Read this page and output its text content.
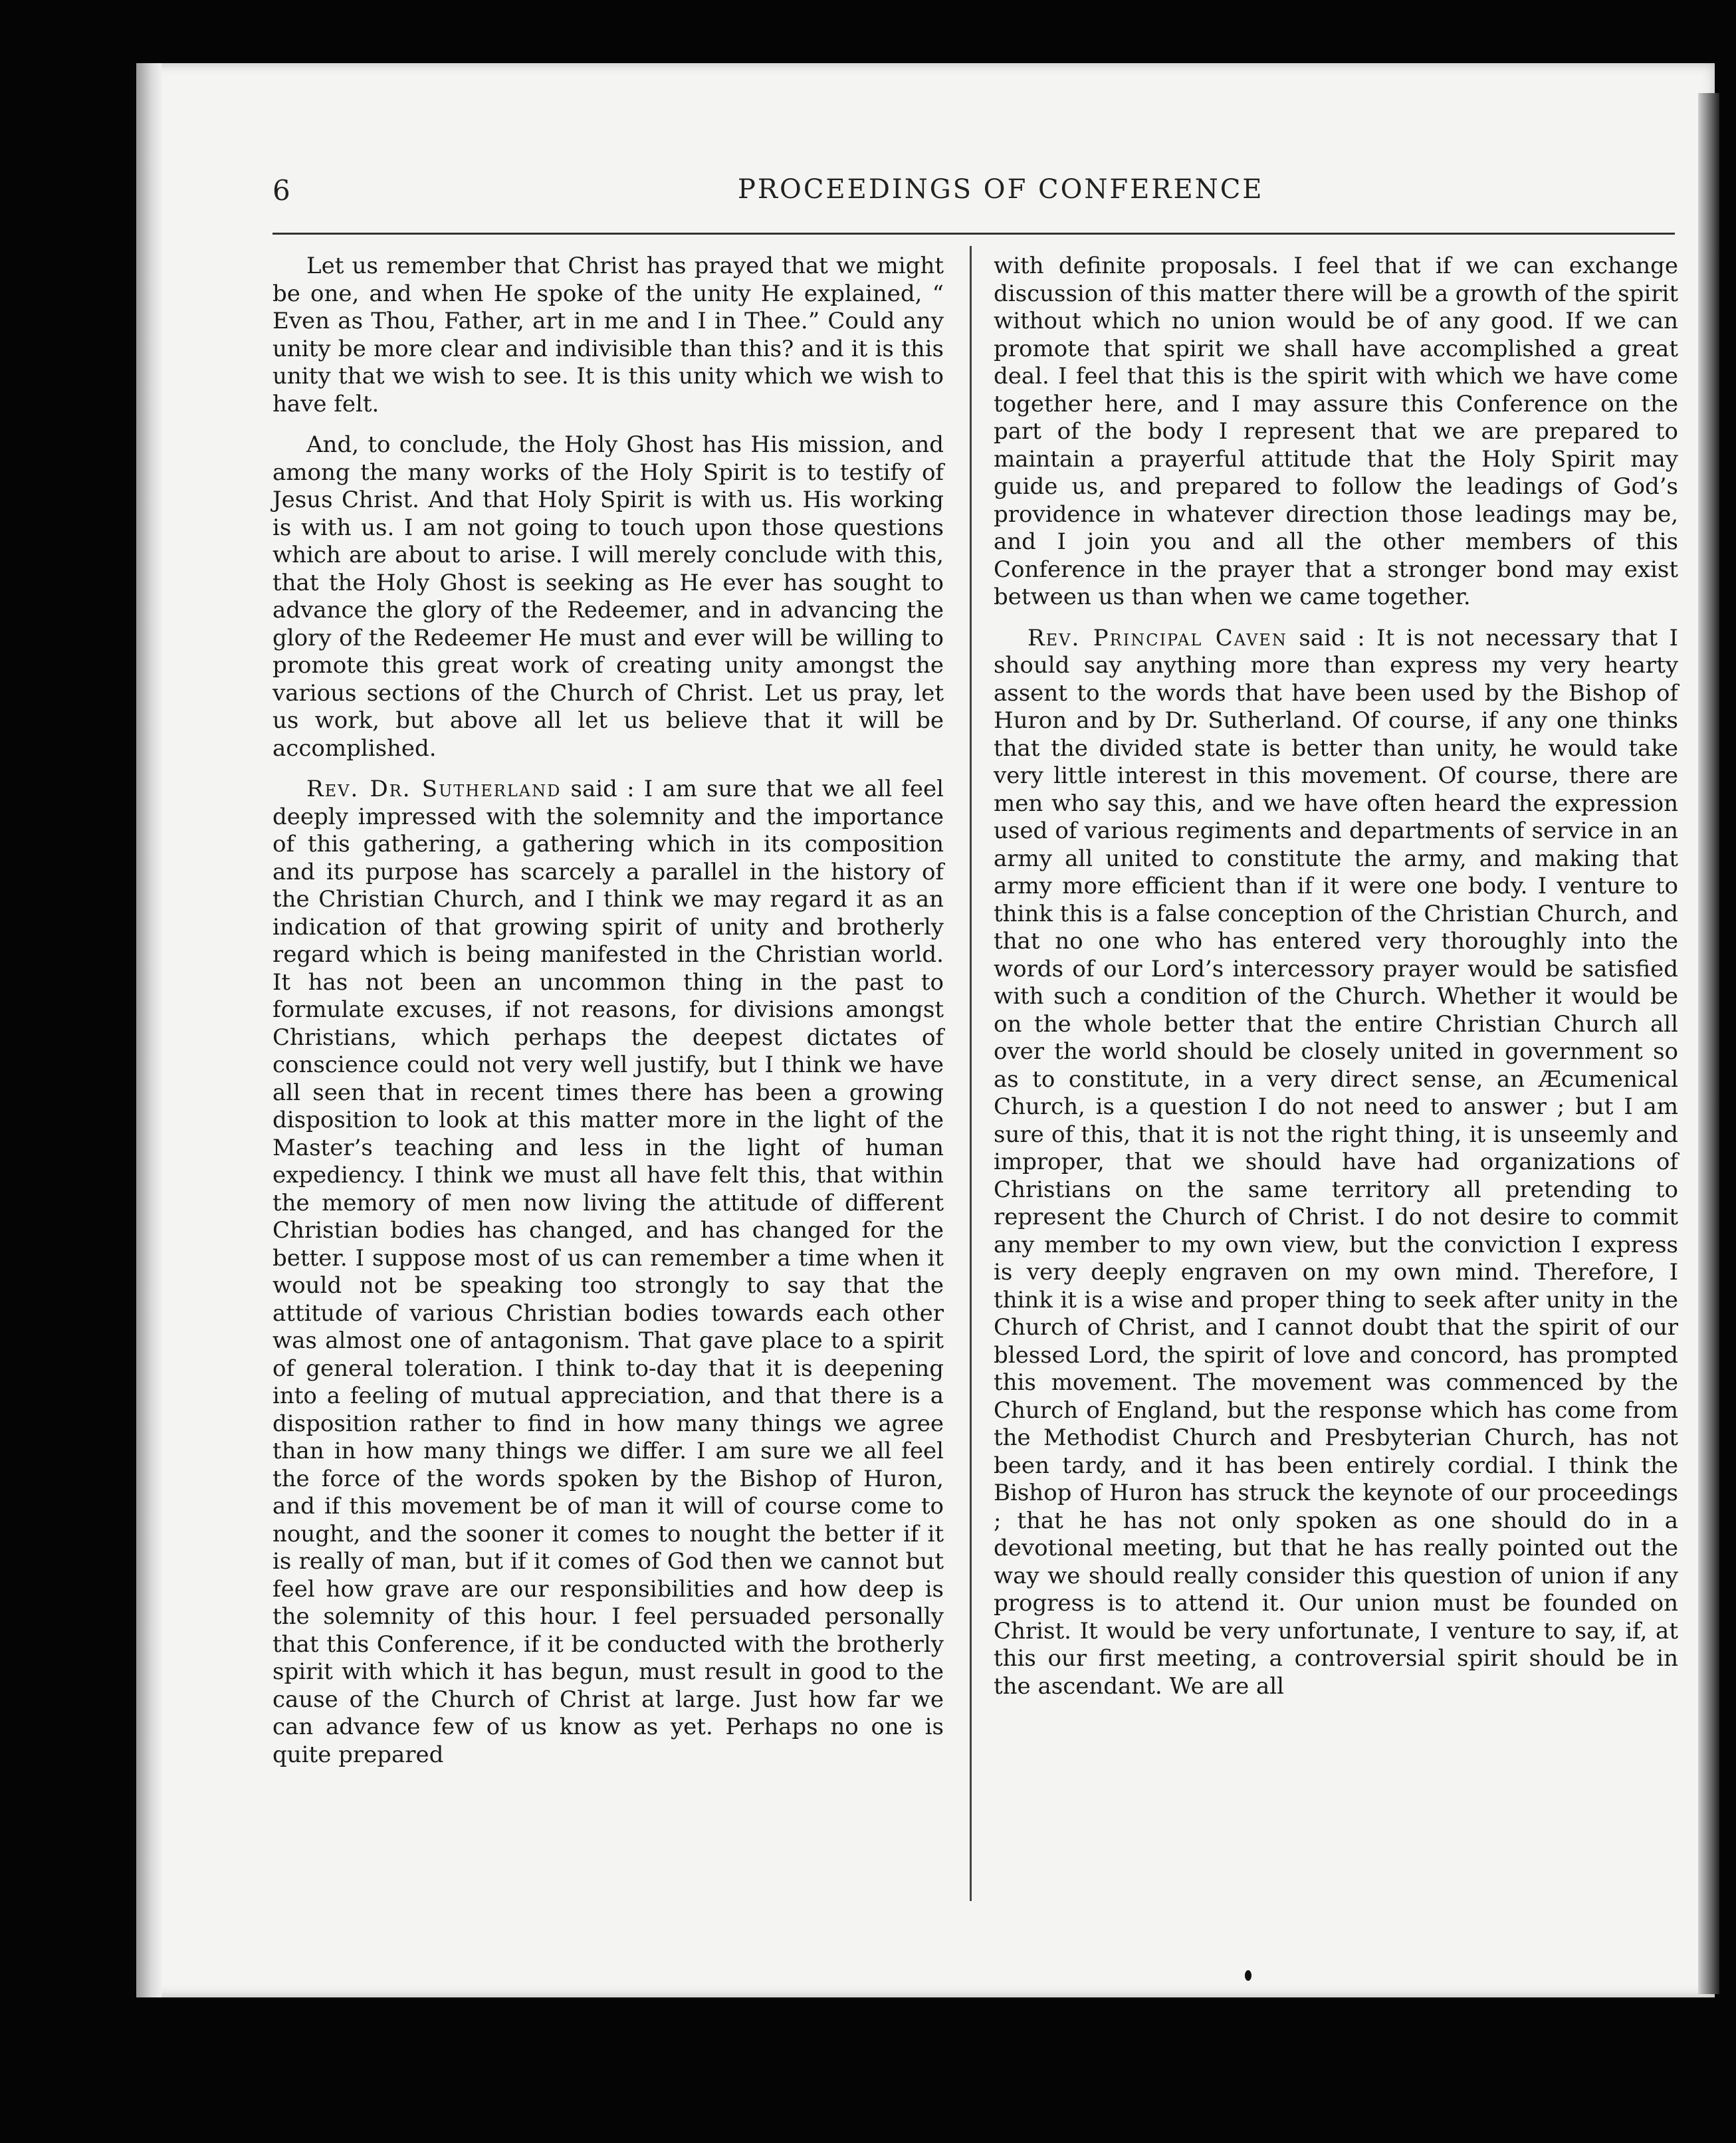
6	PROCEEDINGS OF CONFERENCE

Let us remember that Christ has prayed that we might be one, and when He spoke of the unity He explained, “ Even as Thou, Father, art in me and I in Thee.” Could any unity be more clear and indivisible than this? and it is this unity that we wish to see. It is this unity which we wish to have felt.

And, to conclude, the Holy Ghost has His mission, and among the many works of the Holy Spirit is to testify of Jesus Christ. And that Holy Spirit is with us. His working is with us. I am not going to touch upon those questions which are about to arise. I will merely conclude with this, that the Holy Ghost is seeking as He ever has sought to advance the glory of the Redeemer, and in advancing the glory of the Redeemer He must and ever will be willing to promote this great work of creating unity amongst the various sections of the Church of Christ. Let us pray, let us work, but above all let us believe that it will be accomplished.

Rev. Dr. Sutherland said : I am sure that we all feel deeply impressed with the solemnity and the importance of this gathering, a gathering which in its composition and its purpose has scarcely a parallel in the history of the Christian Church, and I think we may regard it as an indication of that growing spirit of unity and brotherly regard which is being manifested in the Christian world. It has not been an uncommon thing in the past to formulate excuses, if not reasons, for divisions amongst Christians, which perhaps the deepest dictates of conscience could not very well justify, but I think we have all seen that in recent times there has been a growing disposition to look at this matter more in the light of the Master’s teaching and less in the light of human expediency. I think we must all have felt this, that within the memory of men now living the attitude of different Christian bodies has changed, and has changed for the better. I suppose most of us can remember a time when it would not be speaking too strongly to say that the attitude of various Christian bodies towards each other was almost one of antagonism. That gave place to a spirit of general toleration. I think to-day that it is deepening into a feeling of mutual appreciation, and that there is a disposition rather to find in how many things we agree than in how many things we differ. I am sure we all feel the force of the words spoken by the Bishop of Huron, and if this movement be of man it will of course come to nought, and the sooner it comes to nought the better if it is really of man, but if it comes of God then we cannot but feel how grave are our responsibilities and how deep is the solemnity of this hour. I feel persuaded personally that this Conference, if it be conducted with the brotherly spirit with which it has begun, must result in good to the cause of the Church of Christ at large. Just how far we can advance few of us know as yet. Perhaps no one is quite prepared

with definite proposals. I feel that if we can exchange discussion of this matter there will be a growth of the spirit without which no union would be of any good. If we can promote that spirit we shall have accomplished a great deal. I feel that this is the spirit with which we have come together here, and I may assure this Conference on the part of the body I represent that we are prepared to maintain a prayerful attitude that the Holy Spirit may guide us, and prepared to follow the leadings of God’s providence in whatever direction those leadings may be, and I join you and all the other members of this Conference in the prayer that a stronger bond may exist between us than when we came together.

Rev. Principal Caven said : It is not necessary that I should say anything more than express my very hearty assent to the words that have been used by the Bishop of Huron and by Dr. Sutherland. Of course, if any one thinks that the divided state is better than unity, he would take very little interest in this movement. Of course, there are men who say this, and we have often heard the expression used of various regiments and departments of service in an army all united to constitute the army, and making that army more efficient than if it were one body. I venture to think this is a false conception of the Christian Church, and that no one who has entered very thoroughly into the words of our Lord’s intercessory prayer would be satisfied with such a condition of the Church. Whether it would be on the whole better that the entire Christian Church all over the world should be closely united in government so as to constitute, in a very direct sense, an Æcumenical Church, is a question I do not need to answer ; but I am sure of this, that it is not the right thing, it is unseemly and improper, that we should have had organizations of Christians on the same territory all pretending to represent the Church of Christ. I do not desire to commit any member to my own view, but the conviction I express is very deeply engraven on my own mind. Therefore, I think it is a wise and proper thing to seek after unity in the Church of Christ, and I cannot doubt that the spirit of our blessed Lord, the spirit of love and concord, has prompted this movement. The movement was commenced by the Church of England, but the response which has come from the Methodist Church and Presbyterian Church, has not been tardy, and it has been entirely cordial. I think the Bishop of Huron has struck the keynote of our proceedings ; that he has not only spoken as one should do in a devotional meeting, but that he has really pointed out the way we should really consider this question of union if any progress is to attend it. Our union must be founded on Christ. It would be very unfortunate, I venture to say, if, at this our first meeting, a controversial spirit should be in the ascendant. We are all
